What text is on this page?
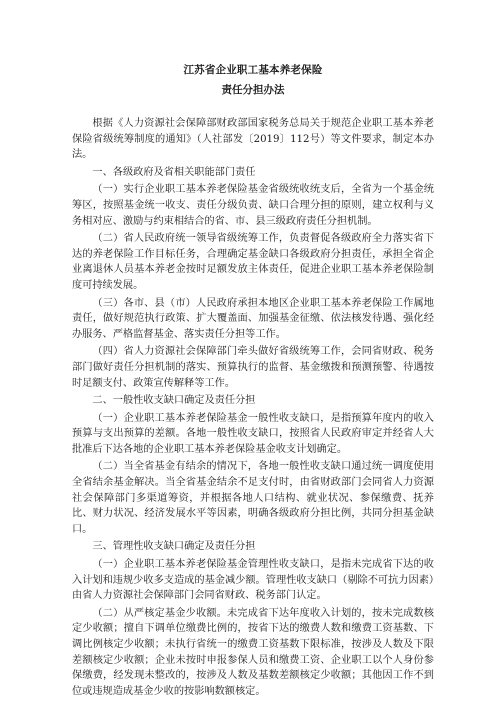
江苏省企业职工基本养老保险
责任分担办法

根据《人力资源社会保障部财政部国家税务总局关于规范企业职工基本养老保险省级统筹制度的通知》（人社部发〔2019〕112号）等文件要求，制定本办法。

一、各级政府及省相关职能部门责任

（一）实行企业职工基本养老保险基金省级统收统支后，全省为一个基金统筹区，按照基金统一收支、责任分级负责、缺口合理分担的原则，建立权利与义务相对应、激励与约束相结合的省、市、县三级政府责任分担机制。

（二）省人民政府统一领导省级统筹工作，负责督促各级政府全力落实省下达的养老保险工作目标任务，合理确定基金缺口各级政府分担责任，承担全省企业离退休人员基本养老金按时足额发放主体责任，促进企业职工基本养老保险制度可持续发展。

（三）各市、县（市）人民政府承担本地区企业职工基本养老保险工作属地责任，做好规范执行政策、扩大覆盖面、加强基金征缴、依法核发待遇、强化经办服务、严格监督基金、落实责任分担等工作。

（四）省人力资源社会保障部门牵头做好省级统筹工作，会同省财政、税务部门做好责任分担机制的落实、预算执行的监督、基金缴拨和预测预警、待遇按时足额支付、政策宣传解释等工作。

二、一般性收支缺口确定及责任分担

（一）企业职工基本养老保险基金一般性收支缺口，是指预算年度内的收入预算与支出预算的差额。各地一般性收支缺口，按照省人民政府审定并经省人大批准后下达各地的企业职工基本养老保险基金收支计划确定。

（二）当全省基金有结余的情况下，各地一般性收支缺口通过统一调度使用全省结余基金解决。当全省基金结余不足支付时，由省财政部门会同省人力资源社会保障部门多渠道筹资，并根据各地人口结构、就业状况、参保缴费、抚养比、财力状况、经济发展水平等因素，明确各级政府分担比例，共同分担基金缺口。

三、管理性收支缺口确定及责任分担

（一）企业职工基本养老保险基金管理性收支缺口，是指未完成省下达的收入计划和违规少收多支造成的基金减少额。管理性收支缺口（剔除不可抗力因素）由省人力资源社会保障部门会同省财政、税务部门认定。

（二）从严核定基金少收额。未完成省下达年度收入计划的，按未完成数核定少收额；擅自下调单位缴费比例的，按省下达的缴费人数和缴费工资基数、下调比例核定少收额；未执行省统一的缴费工资基数下限标准，按涉及人数及下限差额核定少收额；企业未按时申报参保人员和缴费工资、企业职工以个人身份参保缴费，经发现未整改的，按涉及人数及基数差额核定少收额；其他因工作不到位或违规造成基金少收的按影响数额核定。
